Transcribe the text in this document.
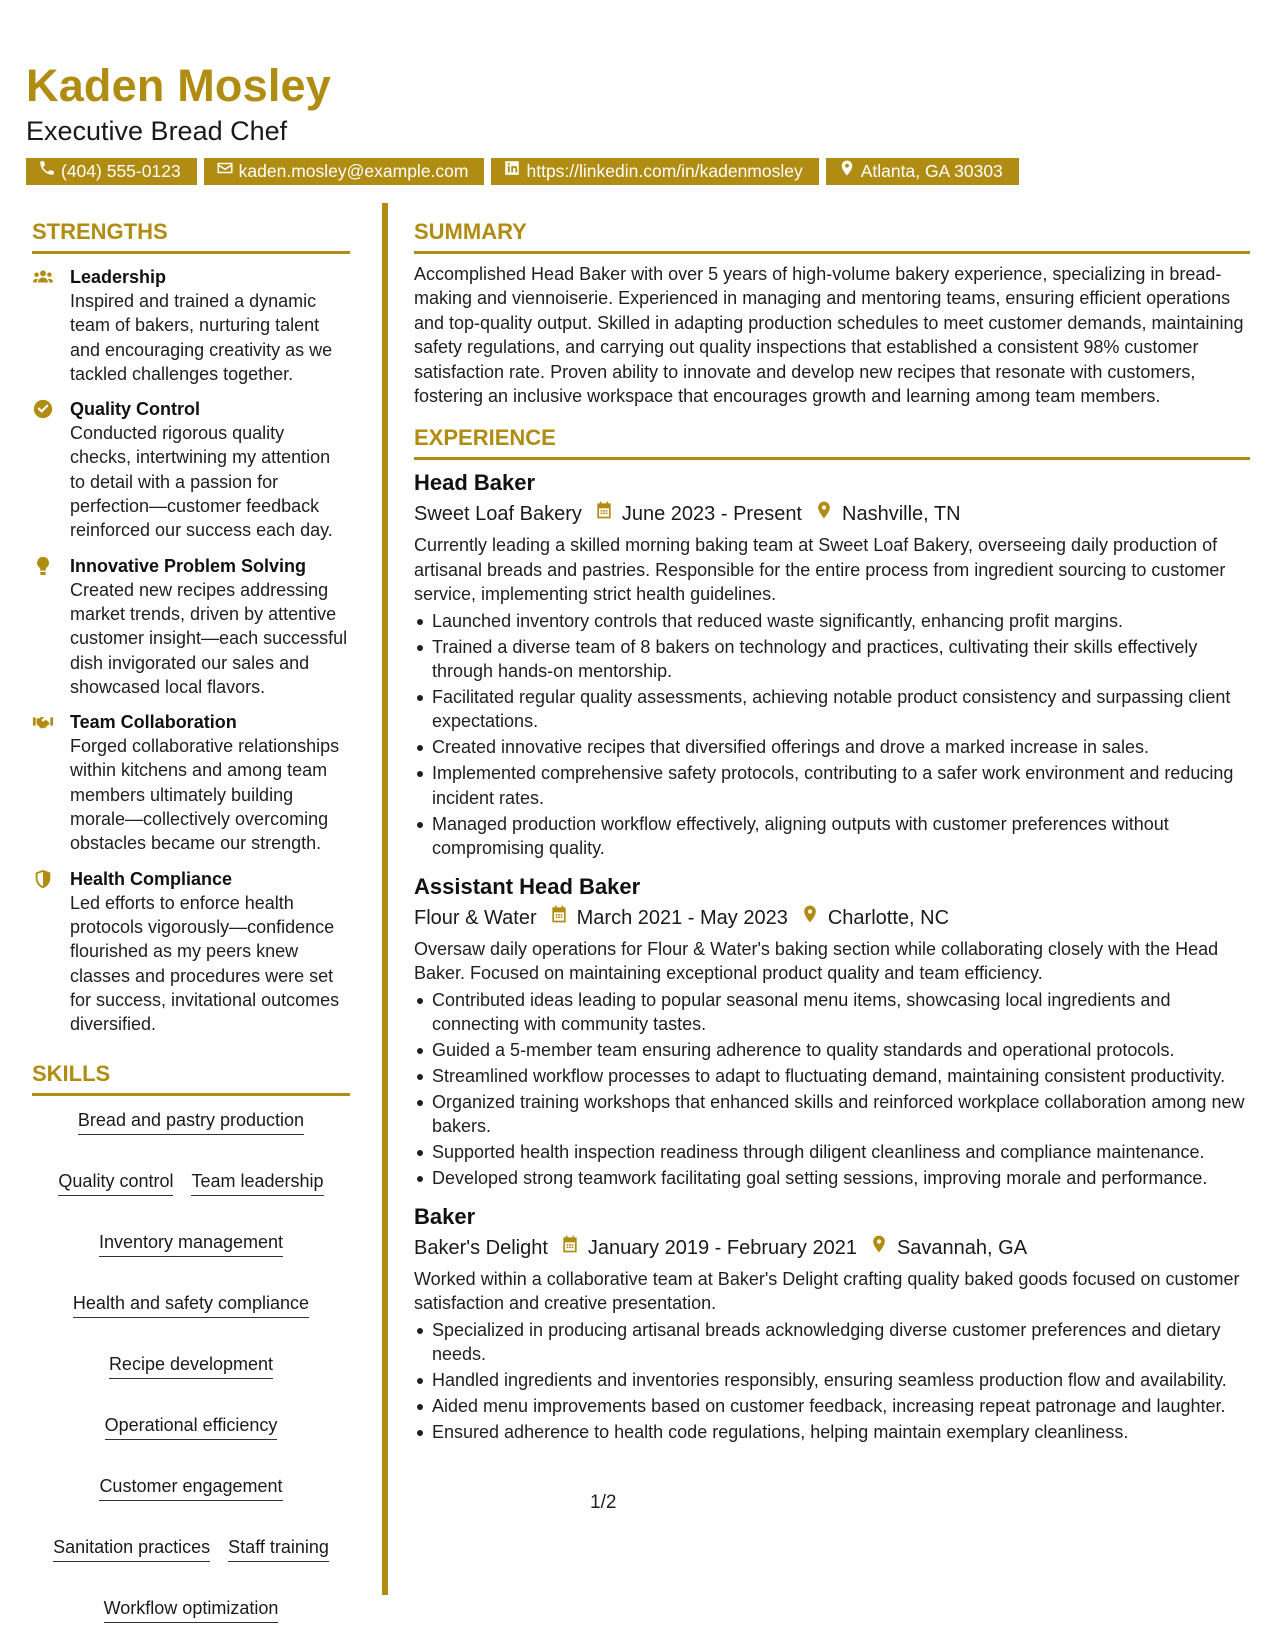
Kaden Mosley
Executive Bread Chef
(404) 555-0123	kaden.mosley@example.com	https://linkedin.com/in/kadenmosley	Atlanta, GA 30303
STRENGTHS
Leadership
Inspired and trained a dynamic team of bakers, nurturing talent and encouraging creativity as we tackled challenges together.
Quality Control
Conducted rigorous quality checks, intertwining my attention to detail with a passion for perfection—customer feedback reinforced our success each day.
Innovative Problem Solving
Created new recipes addressing market trends, driven by attentive customer insight—each successful dish invigorated our sales and showcased local flavors.
Team Collaboration
Forged collaborative relationships within kitchens and among team members ultimately building morale—collectively overcoming obstacles became our strength.
Health Compliance
Led efforts to enforce health protocols vigorously—confidence flourished as my peers knew classes and procedures were set for success, invitational outcomes diversified.
SKILLS
Bread and pastry production
Quality control Team leadership
Inventory management
Health and safety compliance
Recipe development
Operational efficiency
Customer engagement
Sanitation practices Staff training
Workflow optimization
SUMMARY
Accomplished Head Baker with over 5 years of high-volume bakery experience, specializing in bread-making and viennoiserie. Experienced in managing and mentoring teams, ensuring efficient operations and top-quality output. Skilled in adapting production schedules to meet customer demands, maintaining safety regulations, and carrying out quality inspections that established a consistent 98% customer satisfaction rate. Proven ability to innovate and develop new recipes that resonate with customers, fostering an inclusive workspace that encourages growth and learning among team members.
EXPERIENCE
Head Baker
Sweet Loaf Bakery June 2023 - Present Nashville, TN
Currently leading a skilled morning baking team at Sweet Loaf Bakery, overseeing daily production of artisanal breads and pastries. Responsible for the entire process from ingredient sourcing to customer service, implementing strict health guidelines.
Launched inventory controls that reduced waste significantly, enhancing profit margins.
Trained a diverse team of 8 bakers on technology and practices, cultivating their skills effectively through hands-on mentorship.
Facilitated regular quality assessments, achieving notable product consistency and surpassing client expectations.
Created innovative recipes that diversified offerings and drove a marked increase in sales.
Implemented comprehensive safety protocols, contributing to a safer work environment and reducing incident rates.
Managed production workflow effectively, aligning outputs with customer preferences without compromising quality.
Assistant Head Baker
Flour & Water March 2021 - May 2023 Charlotte, NC
Oversaw daily operations for Flour & Water's baking section while collaborating closely with the Head Baker. Focused on maintaining exceptional product quality and team efficiency.
Contributed ideas leading to popular seasonal menu items, showcasing local ingredients and connecting with community tastes.
Guided a 5-member team ensuring adherence to quality standards and operational protocols.
Streamlined workflow processes to adapt to fluctuating demand, maintaining consistent productivity.
Organized training workshops that enhanced skills and reinforced workplace collaboration among new bakers.
Supported health inspection readiness through diligent cleanliness and compliance maintenance.
Developed strong teamwork facilitating goal setting sessions, improving morale and performance.
Baker
Baker's Delight January 2019 - February 2021 Savannah, GA
Worked within a collaborative team at Baker's Delight crafting quality baked goods focused on customer satisfaction and creative presentation.
Specialized in producing artisanal breads acknowledging diverse customer preferences and dietary needs.
Handled ingredients and inventories responsibly, ensuring seamless production flow and availability.
Aided menu improvements based on customer feedback, increasing repeat patronage and laughter.
Ensured adherence to health code regulations, helping maintain exemplary cleanliness.
1/2
